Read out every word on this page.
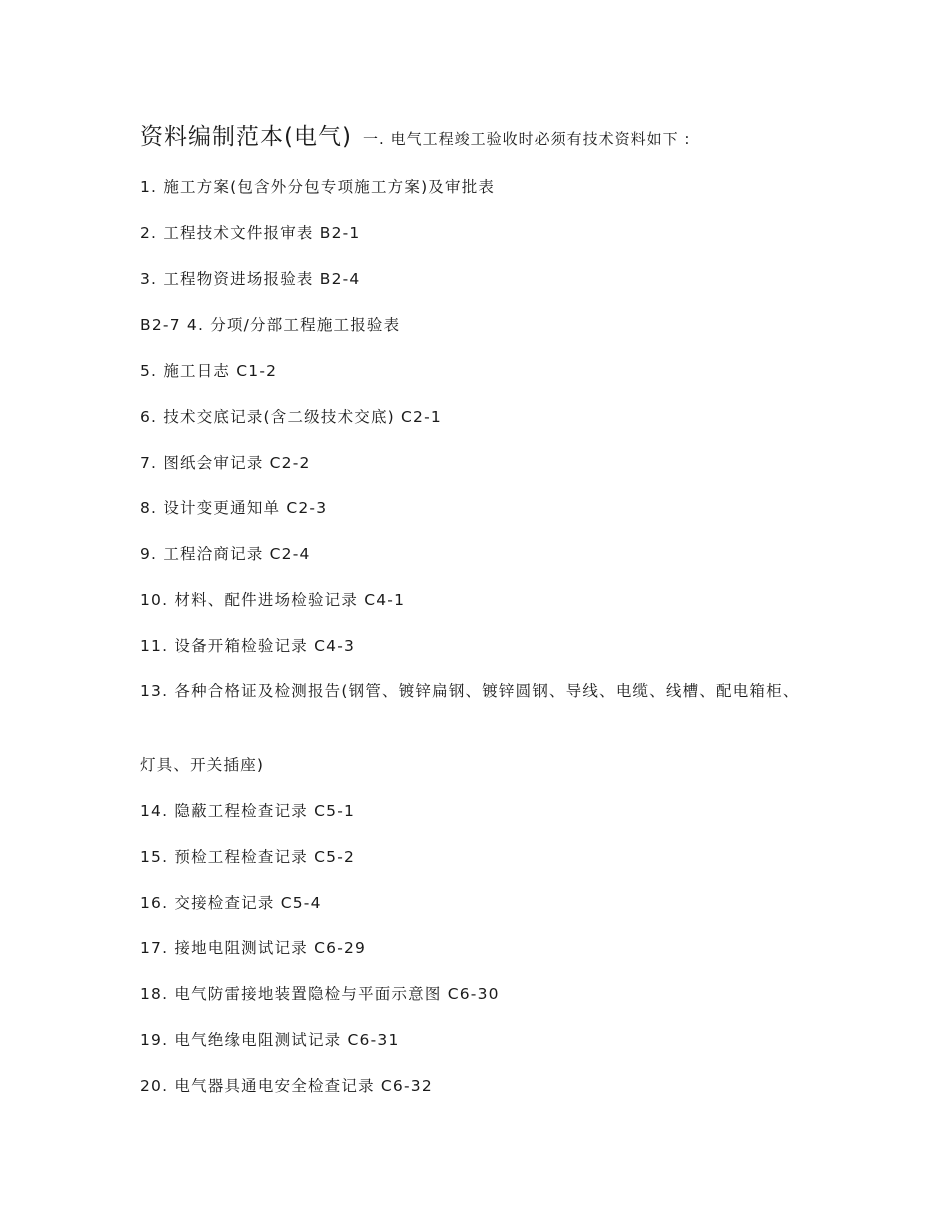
资料编制范本(电气) 一. 电气工程竣工验收时必须有技术资料如下 :
1. 施工方案(包含外分包专项施工方案)及审批表
2. 工程技术文件报审表 B2-1
3. 工程物资进场报验表 B2-4
B2-7 4. 分项/分部工程施工报验表
5. 施工日志 C1-2
6. 技术交底记录(含二级技术交底) C2-1
7. 图纸会审记录 C2-2
8. 设计变更通知单 C2-3
9. 工程洽商记录 C2-4
10. 材料、配件进场检验记录 C4-1
11. 设备开箱检验记录 C4-3
13. 各种合格证及检测报告(钢管、镀锌扁钢、镀锌圆钢、导线、电缆、线槽、配电箱柜、
灯具、开关插座)
14. 隐蔽工程检查记录 C5-1
15. 预检工程检查记录 C5-2
16. 交接检查记录 C5-4
17. 接地电阻测试记录 C6-29
18. 电气防雷接地装置隐检与平面示意图 C6-30
19. 电气绝缘电阻测试记录 C6-31
20. 电气器具通电安全检查记录 C6-32
